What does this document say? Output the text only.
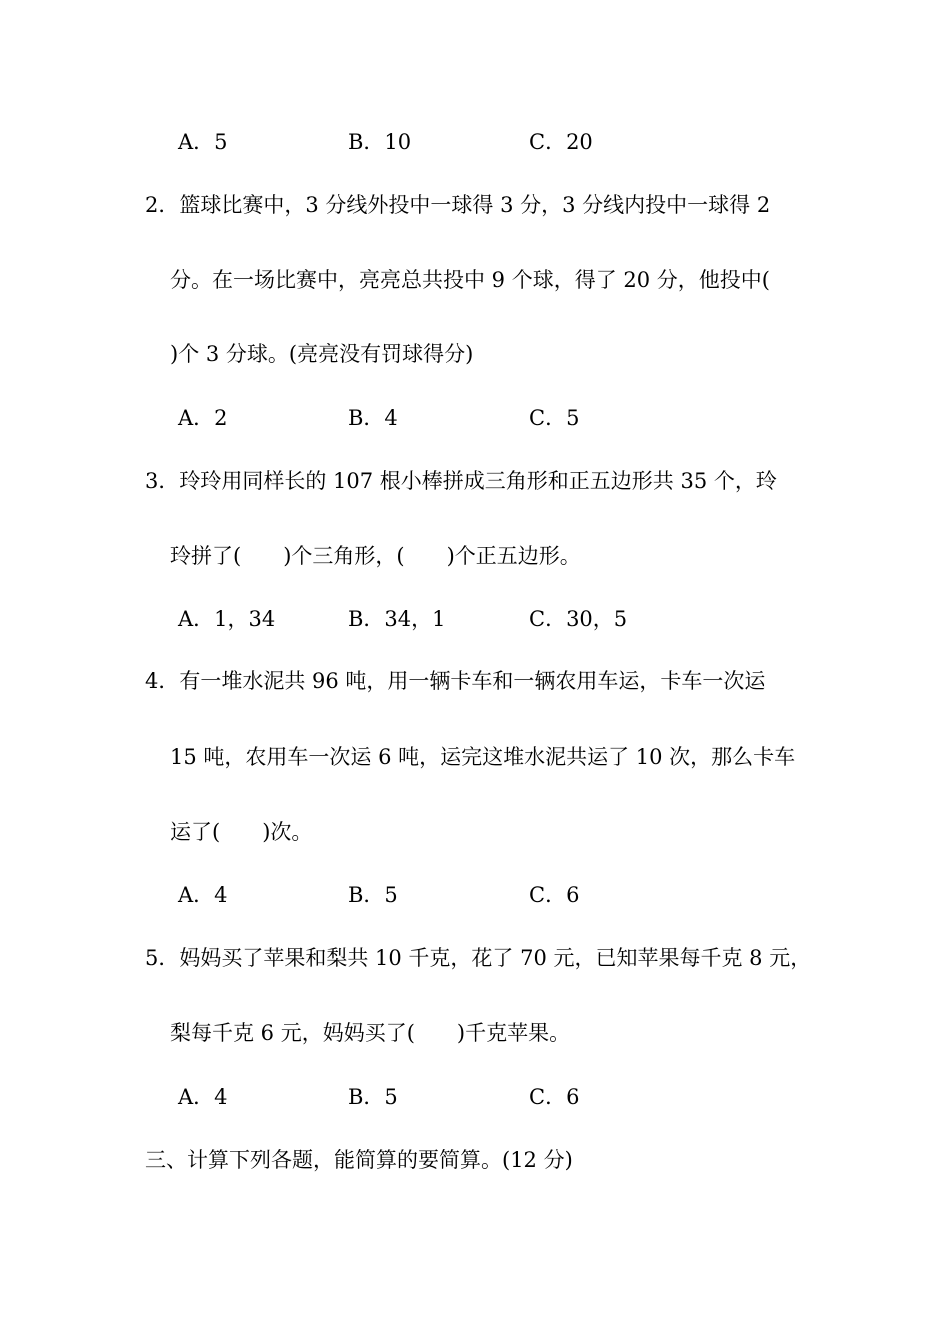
A．5	B．10	C．20
2．篮球比赛中，3 分线外投中一球得 3 分，3 分线内投中一球得 2
分。在一场比赛中，亮亮总共投中 9 个球，得了 20 分，他投中(
)个 3 分球。(亮亮没有罚球得分)
A．2	B．4	C．5
3．玲玲用同样长的 107 根小棒拼成三角形和正五边形共 35 个，玲
玲拼了(　　)个三角形，(　　)个正五边形。
A．1，34	B．34，1	C．30，5
4．有一堆水泥共 96 吨，用一辆卡车和一辆农用车运，卡车一次运
15 吨，农用车一次运 6 吨，运完这堆水泥共运了 10 次，那么卡车
运了(　　)次。
A．4	B．5	C．6
5．妈妈买了苹果和梨共 10 千克，花了 70 元，已知苹果每千克 8 元，
梨每千克 6 元，妈妈买了(　　)千克苹果。
A．4	B．5	C．6
三、计算下列各题，能简算的要简算。(12 分)
